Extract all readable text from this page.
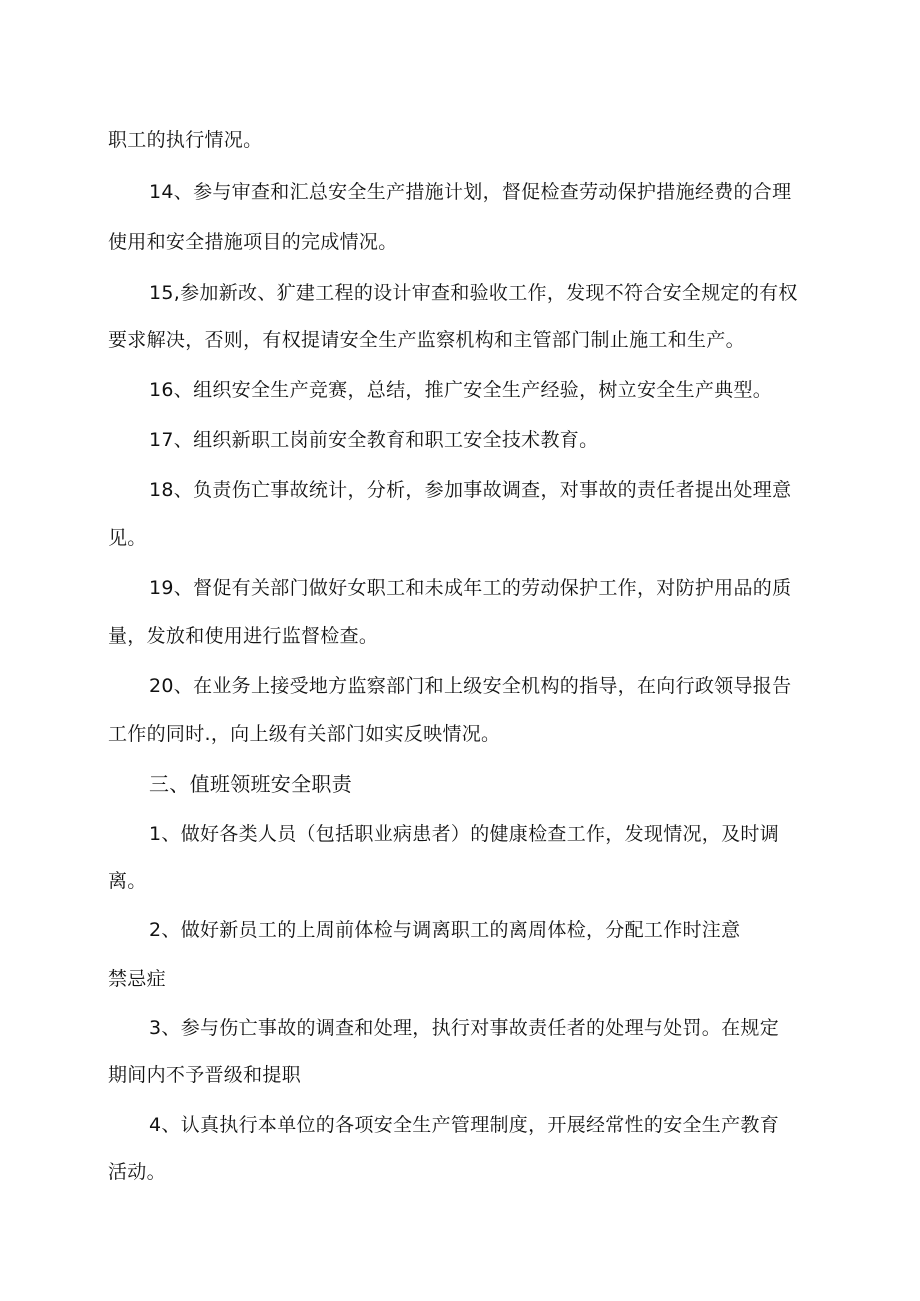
职工的执行情况。

14、参与审查和汇总安全生产措施计划，督促检查劳动保护措施经费的合理

使用和安全措施项目的完成情况。

15,参加新改、犷建工程的设计审查和验收工作，发现不符合安全规定的有权

要求解决，否则，有权提请安全生产监察机构和主管部门制止施工和生产。

16、组织安全生产竞赛，总结，推广安全生产经验，树立安全生产典型。

17、组织新职工岗前安全教育和职工安全技术教育。

18、负责伤亡事故统计，分析，参加事故调查，对事故的责任者提出处理意

见。

19、督促有关部门做好女职工和未成年工的劳动保护工作，对防护用品的质

量，发放和使用进行监督检查。

20、在业务上接受地方监察部门和上级安全机构的指导，在向行政领导报告

工作的同时.，向上级有关部门如实反映情况。

三、值班领班安全职责

1、做好各类人员（包括职业病患者）的健康检查工作，发现情况，及时调

离。

2、做好新员工的上周前体检与调离职工的离周体检，分配工作时注意

禁忌症

3、参与伤亡事故的调查和处理，执行对事故责任者的处理与处罚。在规定

期间内不予晋级和提职

4、认真执行本单位的各项安全生产管理制度，开展经常性的安全生产教育

活动。
